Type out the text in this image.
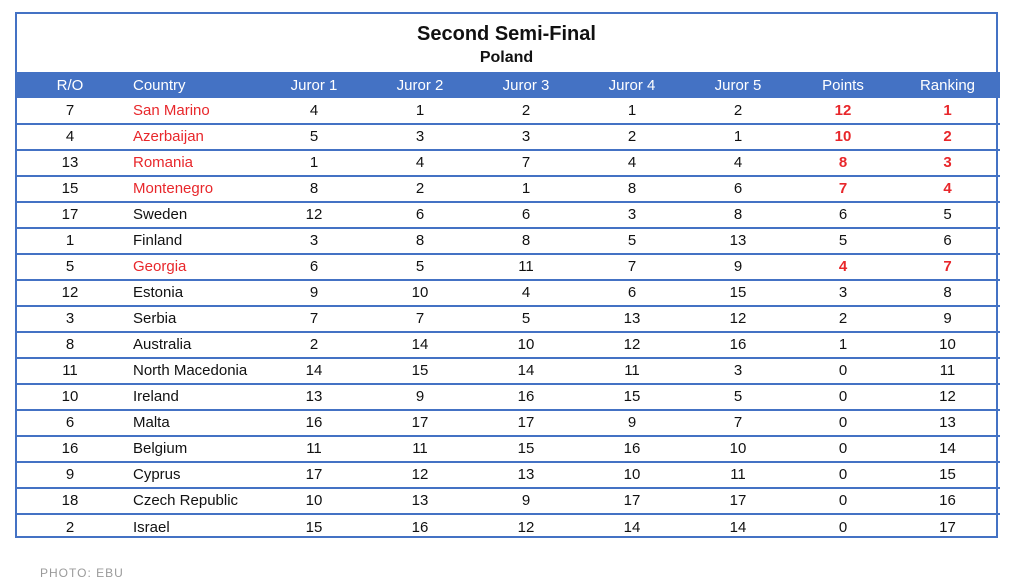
Second Semi-Final
Poland
R/O	Country	Juror 1	Juror 2	Juror 3	Juror 4	Juror 5	Points	Ranking
7	San Marino	4	1	2	1	2	12	1
4	Azerbaijan	5	3	3	2	1	10	2
13	Romania	1	4	7	4	4	8	3
15	Montenegro	8	2	1	8	6	7	4
17	Sweden	12	6	6	3	8	6	5
1	Finland	3	8	8	5	13	5	6
5	Georgia	6	5	11	7	9	4	7
12	Estonia	9	10	4	6	15	3	8
3	Serbia	7	7	5	13	12	2	9
8	Australia	2	14	10	12	16	1	10
11	North Macedonia	14	15	14	11	3	0	11
10	Ireland	13	9	16	15	5	0	12
6	Malta	16	17	17	9	7	0	13
16	Belgium	11	11	15	16	10	0	14
9	Cyprus	17	12	13	10	11	0	15
18	Czech Republic	10	13	9	17	17	0	16
2	Israel	15	16	12	14	14	0	17
PHOTO: EBU
